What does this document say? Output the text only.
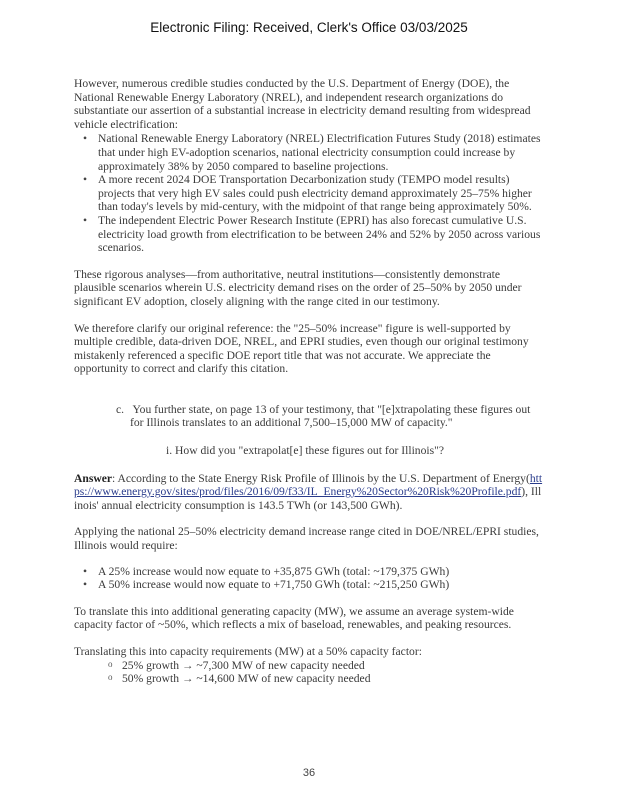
Electronic Filing: Received, Clerk's Office 03/03/2025

However, numerous credible studies conducted by the U.S. Department of Energy (DOE), the National Renewable Energy Laboratory (NREL), and independent research organizations do substantiate our assertion of a substantial increase in electricity demand resulting from widespread vehicle electrification:

• National Renewable Energy Laboratory (NREL) Electrification Futures Study (2018) estimates that under high EV-adoption scenarios, national electricity consumption could increase by approximately 38% by 2050 compared to baseline projections.
• A more recent 2024 DOE Transportation Decarbonization study (TEMPO model results) projects that very high EV sales could push electricity demand approximately 25–75% higher than today's levels by mid-century, with the midpoint of that range being approximately 50%.
• The independent Electric Power Research Institute (EPRI) has also forecast cumulative U.S. electricity load growth from electrification to be between 24% and 52% by 2050 across various scenarios.

These rigorous analyses—from authoritative, neutral institutions—consistently demonstrate plausible scenarios wherein U.S. electricity demand rises on the order of 25–50% by 2050 under significant EV adoption, closely aligning with the range cited in our testimony.

We therefore clarify our original reference: the "25–50% increase" figure is well-supported by multiple credible, data-driven DOE, NREL, and EPRI studies, even though our original testimony mistakenly referenced a specific DOE report title that was not accurate. We appreciate the opportunity to correct and clarify this citation.

c. You further state, on page 13 of your testimony, that "[e]xtrapolating these figures out for Illinois translates to an additional 7,500–15,000 MW of capacity."

i. How did you "extrapolat[e] these figures out for Illinois"?

Answer: According to the State Energy Risk Profile of Illinois by the U.S. Department of Energy(https://www.energy.gov/sites/prod/files/2016/09/f33/IL_Energy%20Sector%20Risk%20Profile.pdf), Illinois' annual electricity consumption is 143.5 TWh (or 143,500 GWh).

Applying the national 25–50% electricity demand increase range cited in DOE/NREL/EPRI studies, Illinois would require:

• A 25% increase would now equate to +35,875 GWh (total: ~179,375 GWh)
• A 50% increase would now equate to +71,750 GWh (total: ~215,250 GWh)

To translate this into additional generating capacity (MW), we assume an average system-wide capacity factor of ~50%, which reflects a mix of baseload, renewables, and peaking resources.

Translating this into capacity requirements (MW) at a 50% capacity factor:

o 25% growth → ~7,300 MW of new capacity needed
o 50% growth → ~14,600 MW of new capacity needed
36
